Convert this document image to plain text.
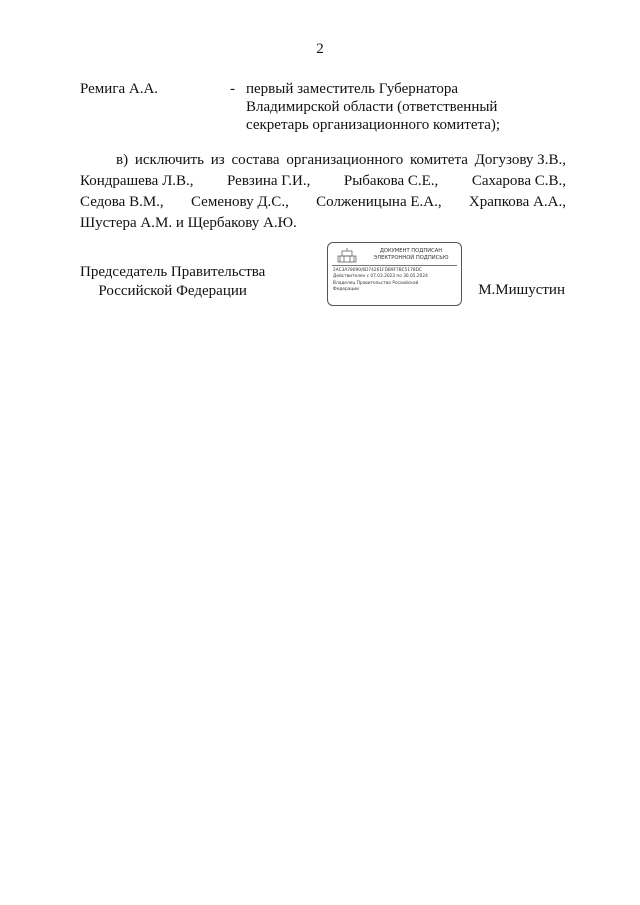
2
Ремига А.А.	- первый заместитель Губернатора
Владимирской области (ответственный
секретарь организационного комитета);
в) исключить из состава организационного комитета Догузову З.В.,
Кондрашева Л.В., Ревзина Г.И., Рыбакова С.Е., Сахарова С.В.,
Седова В.М., Семенову Д.С., Солженицына Е.А., Храпкова А.А.,
Шустера А.М. и Щербакову А.Ю.
Председатель Правительства
Российской Федерации
ДОКУМЕНТ ПОДПИСАН
ЭЛЕКТРОННОЙ ПОДПИСЬЮ
2AC3A78090/6D74261FDB9F7BC5178DC
Действителен с 07.03.2023 по 30.05.2024
Владелец Правительство Российской
Федерации	М.Мишустин
